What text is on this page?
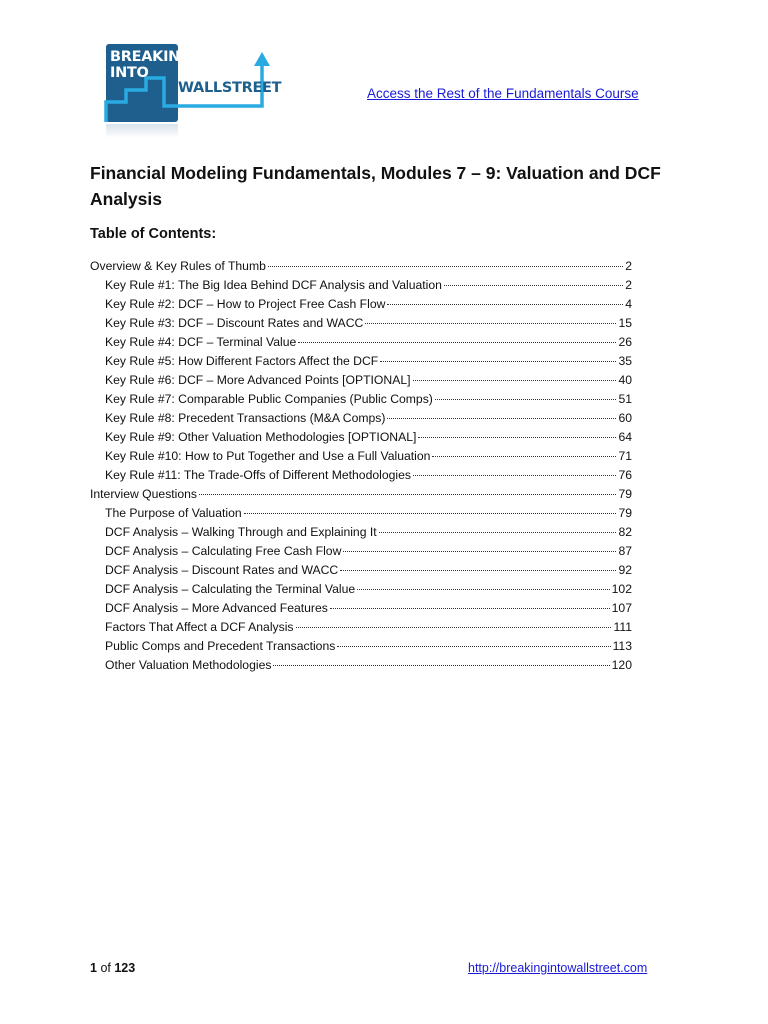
BREAKING
INTO
WALLSTREET	Access the Rest of the Fundamentals Course
Financial Modeling Fundamentals, Modules 7 – 9: Valuation and DCF Analysis
Table of Contents:
Overview & Key Rules of Thumb	2
Key Rule #1: The Big Idea Behind DCF Analysis and Valuation	2
Key Rule #2: DCF – How to Project Free Cash Flow	4
Key Rule #3: DCF – Discount Rates and WACC	15
Key Rule #4: DCF – Terminal Value	26
Key Rule #5: How Different Factors Affect the DCF	35
Key Rule #6: DCF – More Advanced Points [OPTIONAL]	40
Key Rule #7: Comparable Public Companies (Public Comps)	51
Key Rule #8: Precedent Transactions (M&A Comps)	60
Key Rule #9: Other Valuation Methodologies [OPTIONAL]	64
Key Rule #10: How to Put Together and Use a Full Valuation	71
Key Rule #11: The Trade-Offs of Different Methodologies	76
Interview Questions	79
The Purpose of Valuation	79
DCF Analysis – Walking Through and Explaining It	82
DCF Analysis – Calculating Free Cash Flow	87
DCF Analysis – Discount Rates and WACC	92
DCF Analysis – Calculating the Terminal Value	102
DCF Analysis – More Advanced Features	107
Factors That Affect a DCF Analysis	111
Public Comps and Precedent Transactions	113
Other Valuation Methodologies	120
1 of 123	http://breakingintowallstreet.com
